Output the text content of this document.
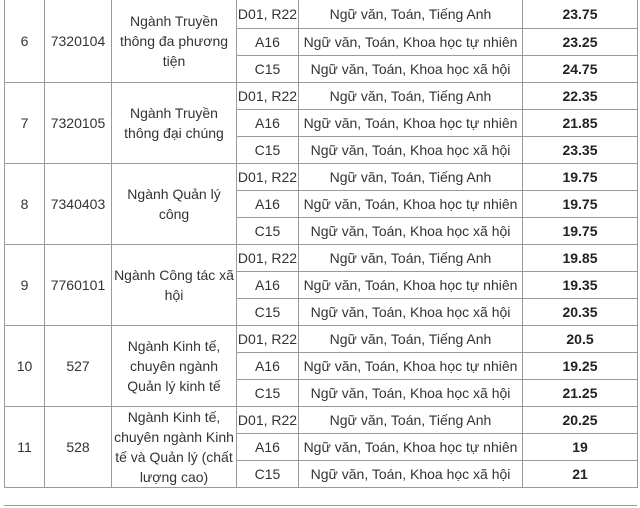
6	7320104	Ngành Truyền thông đa phương tiện	D01, R22	Ngữ văn, Toán, Tiếng Anh	23.75
			A16	Ngữ văn, Toán, Khoa học tự nhiên	23.25
			C15	Ngữ văn, Toán, Khoa học xã hội	24.75
7	7320105	Ngành Truyền thông đại chúng	D01, R22	Ngữ văn, Toán, Tiếng Anh	22.35
			A16	Ngữ văn, Toán, Khoa học tự nhiên	21.85
			C15	Ngữ văn, Toán, Khoa học xã hội	23.35
8	7340403	Ngành Quản lý công	D01, R22	Ngữ văn, Toán, Tiếng Anh	19.75
			A16	Ngữ văn, Toán, Khoa học tự nhiên	19.75
			C15	Ngữ văn, Toán, Khoa học xã hội	19.75
9	7760101	Ngành Công tác xã hội	D01, R22	Ngữ văn, Toán, Tiếng Anh	19.85
			A16	Ngữ văn, Toán, Khoa học tự nhiên	19.35
			C15	Ngữ văn, Toán, Khoa học xã hội	20.35
10	527	Ngành Kinh tế, chuyên ngành Quản lý kinh tế	D01, R22	Ngữ văn, Toán, Tiếng Anh	20.5
			A16	Ngữ văn, Toán, Khoa học tự nhiên	19.25
			C15	Ngữ văn, Toán, Khoa học xã hội	21.25
11	528	Ngành Kinh tế, chuyên ngành Kinh tế và Quản lý (chất lượng cao)	D01, R22	Ngữ văn, Toán, Tiếng Anh	20.25
			A16	Ngữ văn, Toán, Khoa học tự nhiên	19
			C15	Ngữ văn, Toán, Khoa học xã hội	21
